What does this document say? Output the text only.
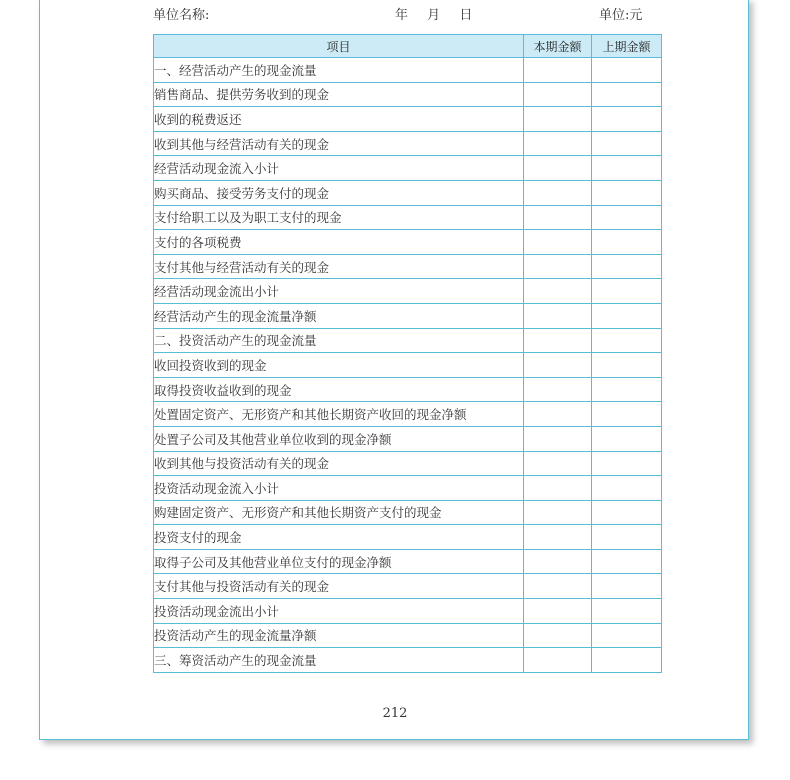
单位名称:	年 月 日	单位:元
项目	本期金额	上期金额
一、经营活动产生的现金流量		
销售商品、提供劳务收到的现金		
收到的税费返还		
收到其他与经营活动有关的现金		
经营活动现金流入小计		
购买商品、接受劳务支付的现金		
支付给职工以及为职工支付的现金		
支付的各项税费		
支付其他与经营活动有关的现金		
经营活动现金流出小计		
经营活动产生的现金流量净额		
二、投资活动产生的现金流量		
收回投资收到的现金		
取得投资收益收到的现金		
处置固定资产、无形资产和其他长期资产收回的现金净额		
处置子公司及其他营业单位收到的现金净额		
收到其他与投资活动有关的现金		
投资活动现金流入小计		
购建固定资产、无形资产和其他长期资产支付的现金		
投资支付的现金		
取得子公司及其他营业单位支付的现金净额		
支付其他与投资活动有关的现金		
投资活动现金流出小计		
投资活动产生的现金流量净额		
三、筹资活动产生的现金流量		
212
